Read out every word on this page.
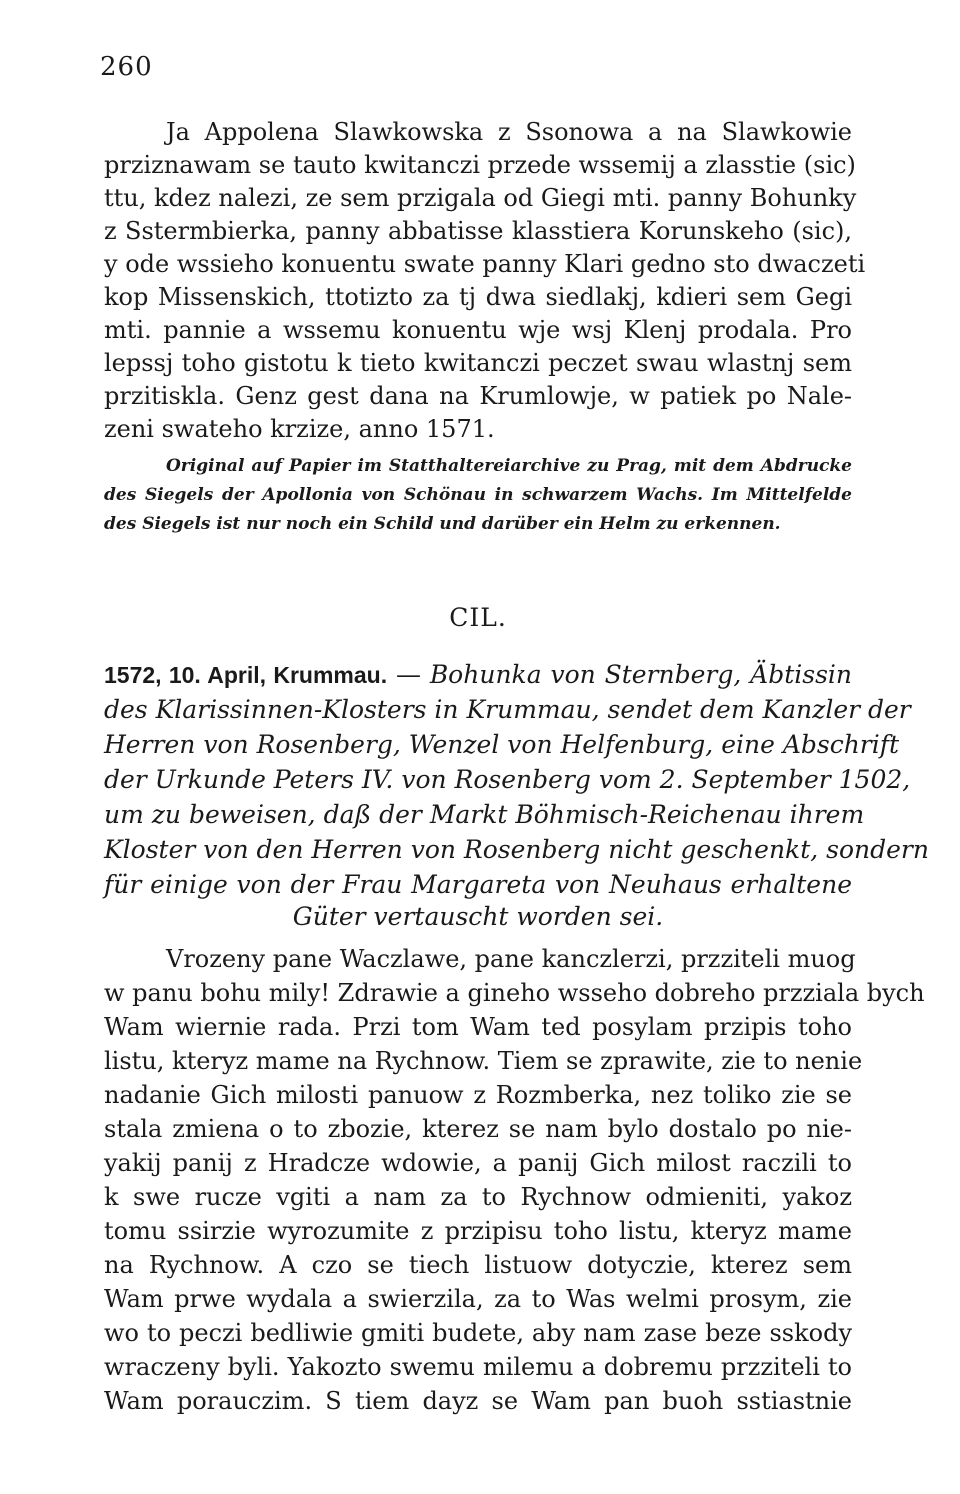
260
Ja Appolena Slawkowska z Ssonowa a na Slawkowie
prziznawam se tauto kwitanczi przede wssemij a zlasstie (sic)
ttu, kdez nalezi, ze sem przigala od Giegi mti. panny Bohunky
z Sstermbierka, panny abbatisse klasstiera Korunskeho (sic),
y ode wssieho konuentu swate panny Klari gedno sto dwaczeti
kop Missenskich, ttotizto za tj dwa siedlakj, kdieri sem Gegi
mti. pannie a wssemu konuentu wje wsj Klenj prodala. Pro
lepssj toho gistotu k tieto kwitanczi peczet swau wlastnj sem
przitiskla. Genz gest dana na Krumlowje, w patiek po Nale-
zeni swateho krzize, anno 1571.
Original auf Papier im Statthaltereiarchive zu Prag, mit dem Abdrucke
des Siegels der Apollonia von Schönau in schwarzem Wachs. Im Mittelfelde
des Siegels ist nur noch ein Schild und darüber ein Helm zu erkennen.
CIL.
1572, 10. April, Krummau. — Bohunka von Sternberg, Äbtissin
des Klarissinnen-Klosters in Krummau, sendet dem Kanzler der
Herren von Rosenberg, Wenzel von Helfenburg, eine Abschrift
der Urkunde Peters IV. von Rosenberg vom 2. September 1502,
um zu beweisen, daß der Markt Böhmisch-Reichenau ihrem
Kloster von den Herren von Rosenberg nicht geschenkt, sondern
für einige von der Frau Margareta von Neuhaus erhaltene
Güter vertauscht worden sei.
Vrozeny pane Waczlawe, pane kanczlerzi, przziteli muog
w panu bohu mily! Zdrawie a gineho wsseho dobreho przziala bych
Wam wiernie rada. Przi tom Wam ted posylam przipis toho
listu, kteryz mame na Rychnow. Tiem se zprawite, zie to nenie
nadanie Gich milosti panuow z Rozmberka, nez toliko zie se
stala zmiena o to zbozie, kterez se nam bylo dostalo po nie-
yakij panij z Hradcze wdowie, a panij Gich milost raczili to
k swe rucze vgiti a nam za to Rychnow odmieniti, yakoz
tomu ssirzie wyrozumite z przipisu toho listu, kteryz mame
na Rychnow. A czo se tiech listuow dotyczie, kterez sem
Wam prwe wydala a swierzila, za to Was welmi prosym, zie
wo to peczi bedliwie gmiti budete, aby nam zase beze sskody
wraczeny byli. Yakozto swemu milemu a dobremu przziteli to
Wam porauczim. S tiem dayz se Wam pan buoh sstiastnie
